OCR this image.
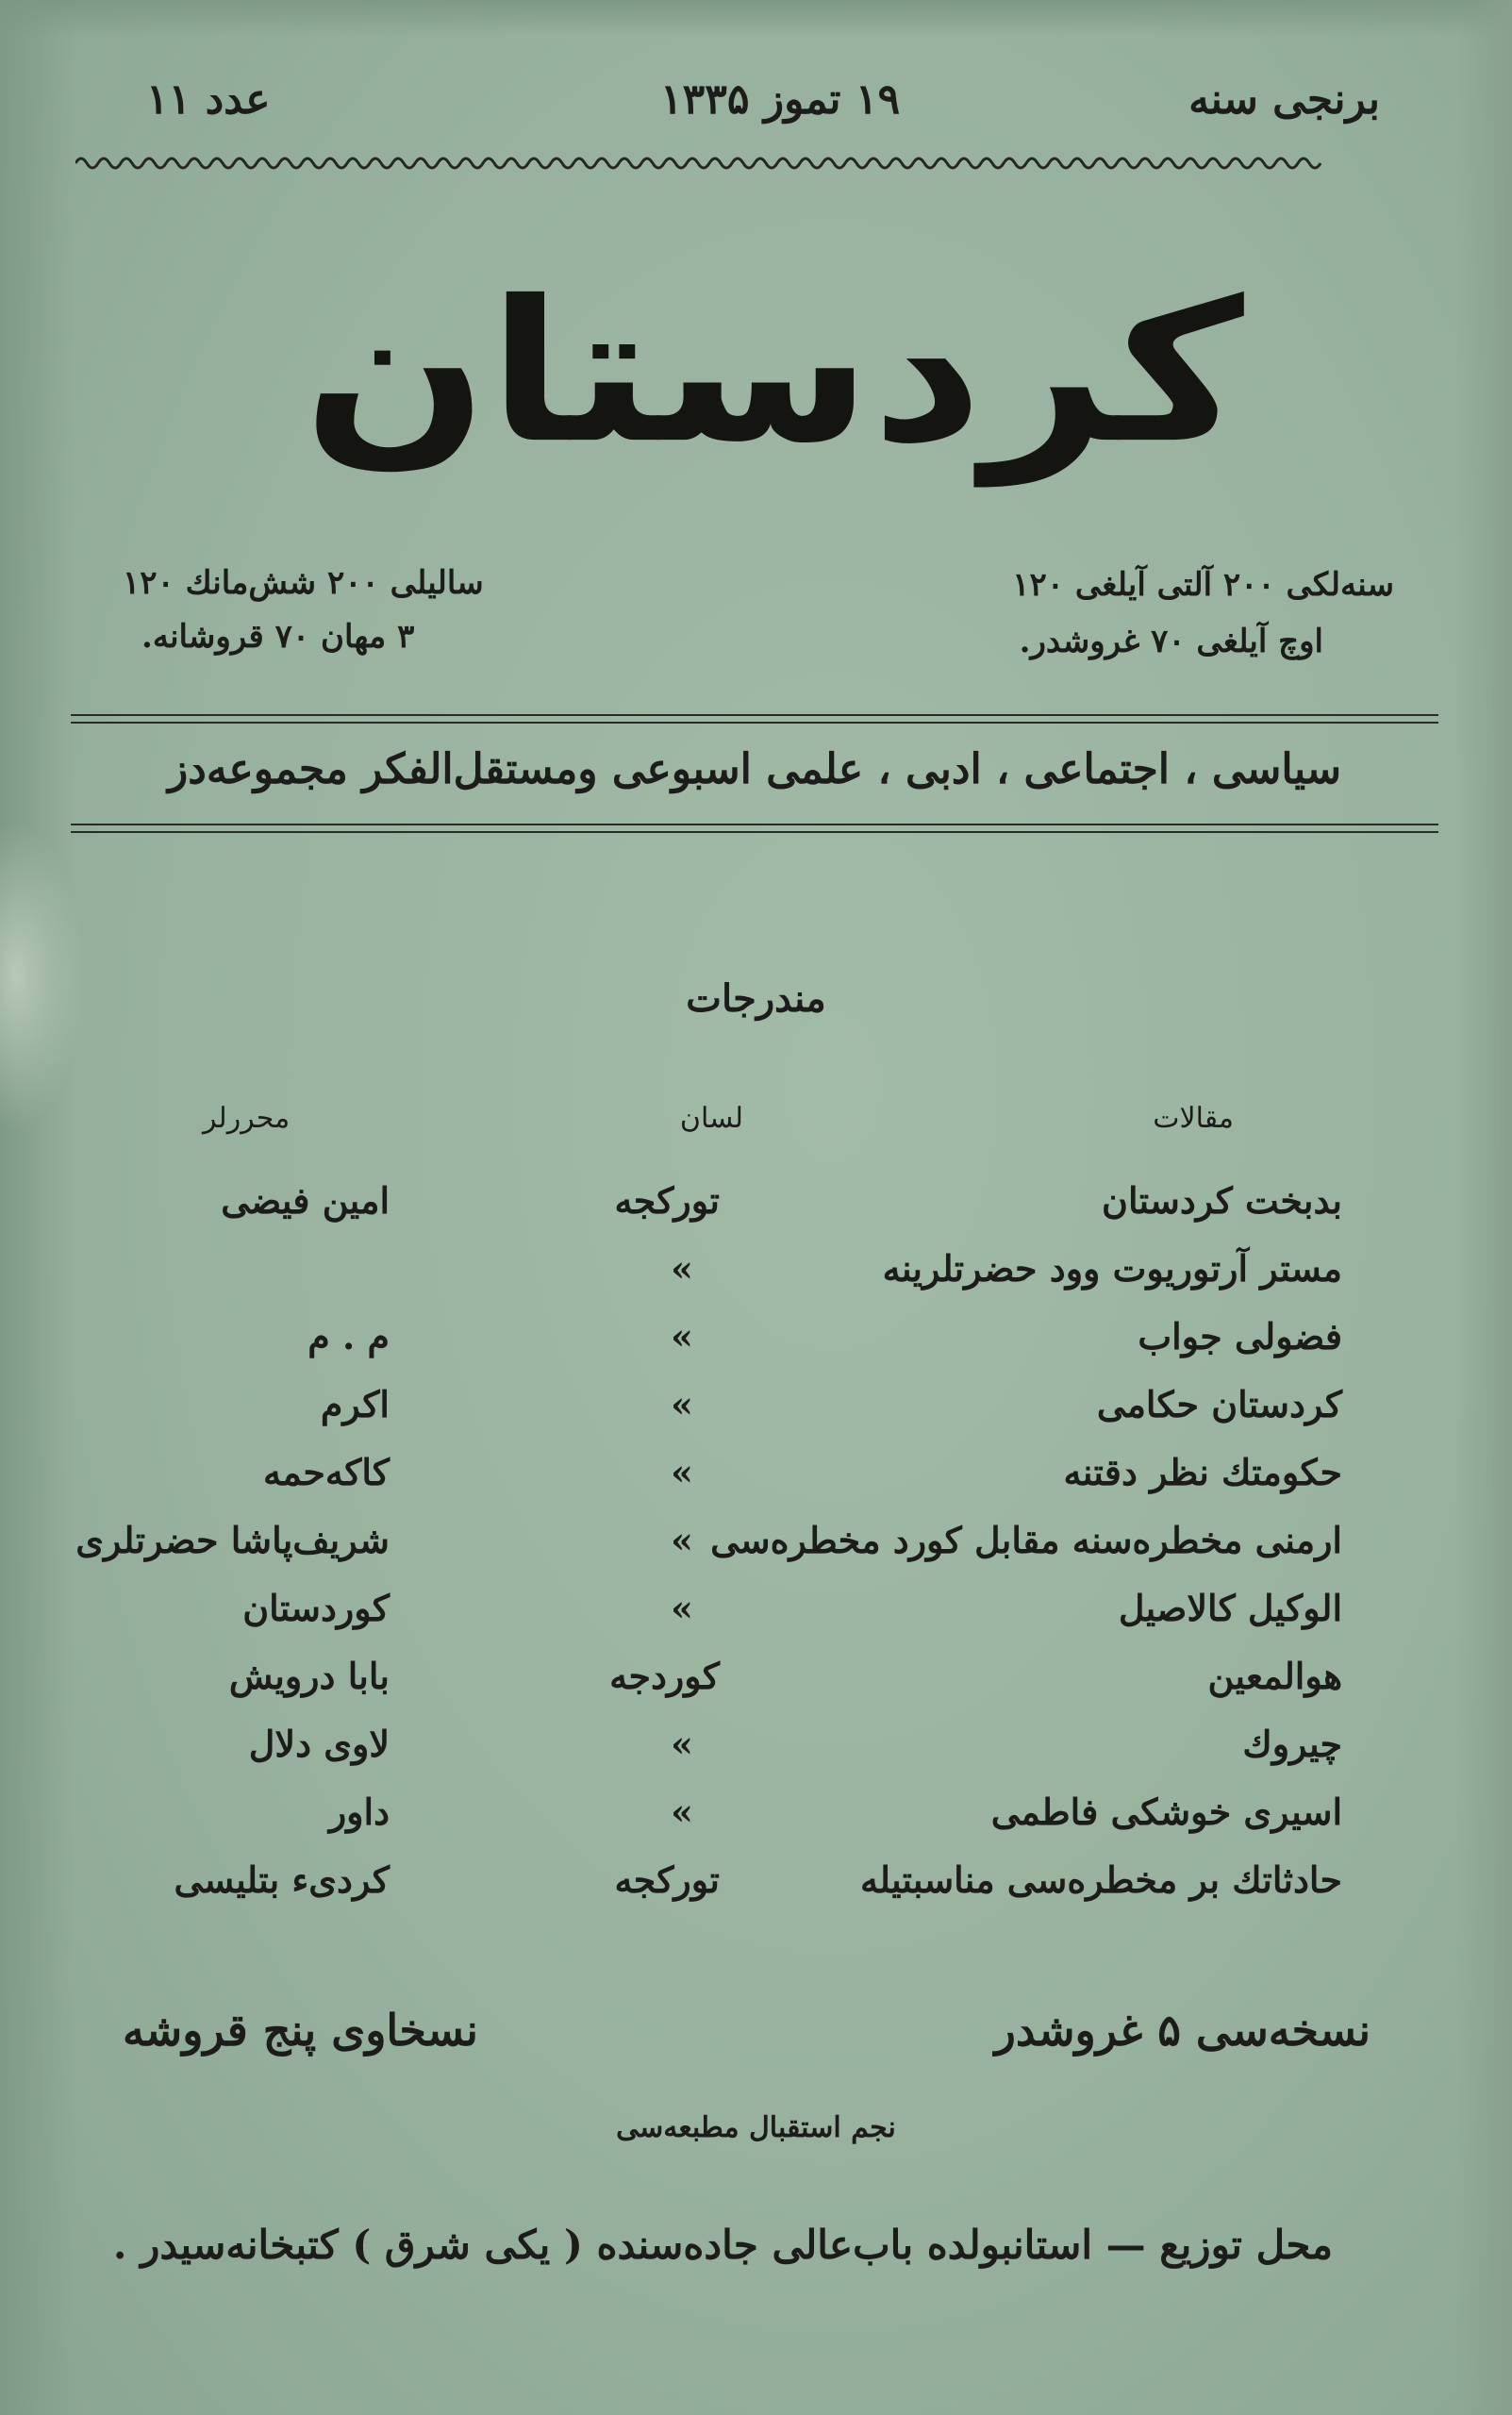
برنجی سنه
۱۹ تموز ۱۳۳۵
عدد ۱۱
كردستان
سنه‌لكی ۲۰۰ آلتی آیلغی ۱۲۰
اوچ آیلغی ۷۰ غروشدر.
سالیلی ۲۰۰ شش‌مانك ۱۲۰
۳ مهان ۷۰ قروشانه.
سیاسی ، اجتماعی ، ادبی ، علمی اسبوعی ومستقل‌الفكر مجموعه‌دز
مندرجات
مقالات
لسان
محررلر
بدبخت كردستان
توركجه
امین فیضی
مستر آرتوریوت وود حضرتلرینه
»
فضولی جواب
»
م . م
كردستان حكامی
»
اكرم
حكومتك نظر دقتنه
»
كاكه‌حمه
ارمنی مخطره‌سنه مقابل كورد مخطره‌سی
»
شریف‌پاشا حضرتلری
الوكیل كالاصیل
»
كوردستان
هوالمعین
كوردجه
بابا درویش
چیروك
»
لاوی دلال
اسیری خوشكی فاطمی
»
داور
حادثاتك بر مخطره‌سی مناسبتیله
توركجه
كردیء بتلیسی
نسخه‌سی ۵ غروشدر
نسخاوی پنج قروشه
نجم استقبال مطبعه‌سی
محل توزیع — استانبولده باب‌عالی جاده‌سنده ( یكی شرق ) كتبخانه‌سیدر .
